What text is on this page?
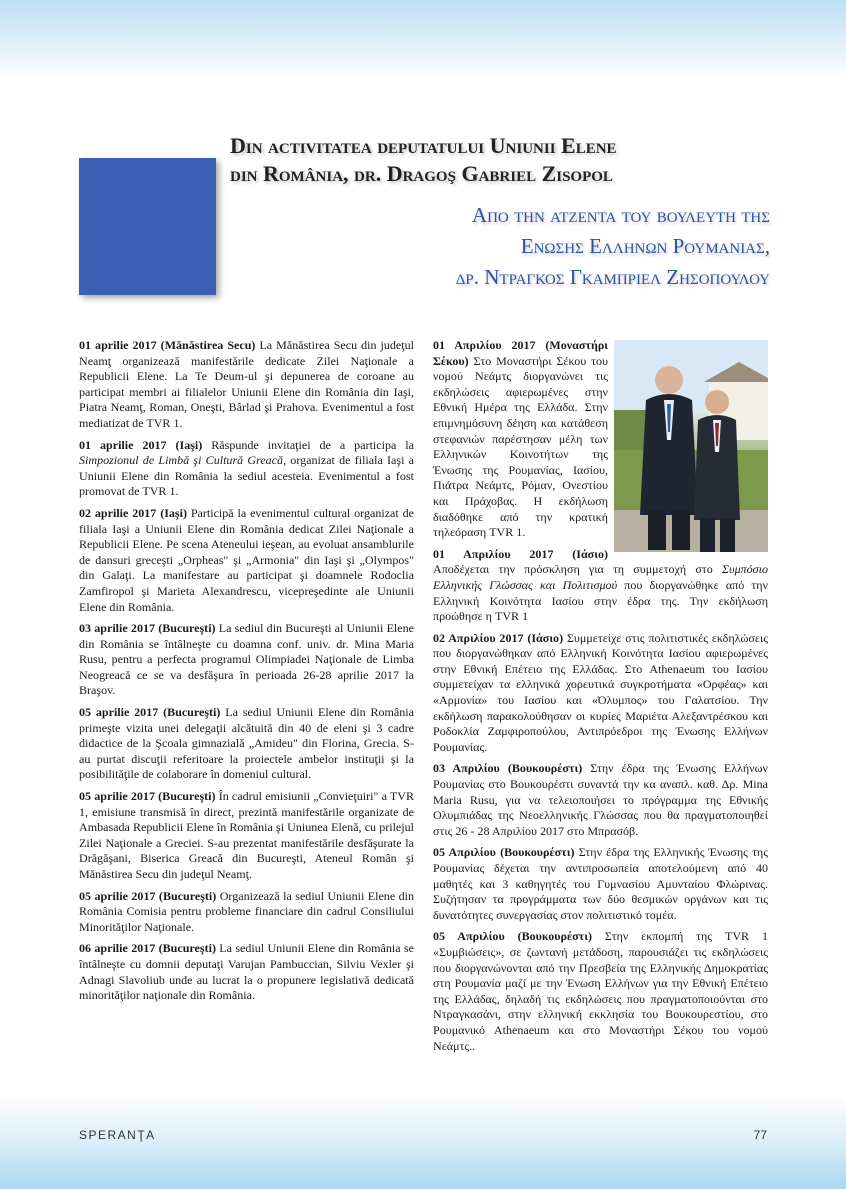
Din activitatea deputatului Uniunii Elene
din România, dr. Dragoş Gabriel Zisopol
Απο την ατζεντα του βουλευτη της
Ενωσης Ελληνων Ρουμανιας,
δρ. Ντραγκος Γκαμπριελ Ζησοπουλου

01 aprilie 2017 (Mănăstirea Secu) La Mănăstirea Secu din judeţul Neamţ organizează manifestările dedicate Zilei Naţionale a Republicii Elene. La Te Deum-ul şi depunerea de coroane au participat membri ai filialelor Uniunii Elene din România din Iaşi, Piatra Neamţ, Roman, Oneşti, Bârlad şi Prahova. Evenimentul a fost mediatizat de TVR 1.

01 aprilie 2017 (Iaşi) Răspunde invitaţiei de a participa la Simpozionul de Limbă şi Cultură Greacă, organizat de filiala Iaşi a Uniunii Elene din România la sediul acesteia. Evenimentul a fost promovat de TVR 1.

02 aprilie 2017 (Iaşi) Participă la evenimentul cultural organizat de filiala Iaşi a Uniunii Elene din România dedicat Zilei Naţionale a Republicii Elene. Pe scena Ateneului ieşean, au evoluat ansamblurile de dansuri greceşti „Orpheas" şi „Armonia" din Iaşi şi „Olympos" din Galaţi. La manifestare au participat şi doamnele Rodoclia Zamfiropol şi Marieta Alexandrescu, vicepreşedinte ale Uniunii Elene din România.

03 aprilie 2017 (Bucureşti) La sediul din Bucureşti al Uniunii Elene din România se întâlneşte cu doamna conf. univ. dr. Mina Maria Rusu, pentru a perfecta programul Olimpiadei Naţionale de Limba Neogreacă ce se va desfăşura în perioada 26-28 aprilie 2017 la Braşov.

05 aprilie 2017 (Bucureşti) La sediul Uniunii Elene din România primeşte vizita unei delegaţii alcătuită din 40 de eleni şi 3 cadre didactice de la Şcoala gimnazială „Amideu" din Florina, Grecia. S-au purtat discuţii referitoare la proiectele ambelor instituţii şi la posibilităţile de colaborare în domeniul cultural.

05 aprilie 2017 (Bucureşti) În cadrul emisiunii „Convieţuiri" a TVR 1, emisiune transmisă în direct, prezintă manifestările organizate de Ambasada Republicii Elene în România şi Uniunea Elenă, cu prilejul Zilei Naţionale a Greciei. S-au prezentat manifestările desfăşurate la Drăgăşani, Biserica Greacă din Bucureşti, Ateneul Român şi Mănăstirea Secu din judeţul Neamţ.

05 aprilie 2017 (Bucureşti) Organizează la sediul Uniunii Elene din România Comisia pentru probleme financiare din cadrul Consiliului Minorităţilor Naţionale.

06 aprilie 2017 (Bucureşti) La sediul Uniunii Elene din România se întâlneşte cu domnii deputaţi Varujan Pambuccian, Silviu Vexler şi Adnagi Slavoliub unde au lucrat la o propunere legislativă dedicată minorităţilor naţionale din România.

01 Απριλίου 2017 (Μοναστήρι Σέκου) Στο Μοναστήρι Σέκου του νομού Νεάμτς διοργανώνει τις εκδηλώσεις αφιερωμένες στην Εθνική Ημέρα της Ελλάδα. Στην επιμνημόσυνη δέηση και κατάθεση στεφανιών παρέστησαν μέλη των Ελληνικών Κοινοτήτων της Ένωσης της Ρουμανίας, Ιασίου, Πιάτρα Νεάμτς, Ρόμαν, Ονεστίου και Πράχοβας. Η εκδήλωση διαδόθηκε από την κρατική τηλεόραση TVR 1.

01 Απριλίου 2017 (Ιάσιο) Αποδέχεται την πρόσκληση για τη συμμετοχή στο Συμπόσιο Ελληνικής Γλώσσας και Πολιτισμού που διοργανώθηκε από την Ελληνική Κοινότητα Ιασίου στην έδρα της. Την εκδήλωση προώθησε η TVR 1

02 Απριλίου 2017 (Ιάσιο) Συμμετείχε στις πολιτιστικές εκδηλώσεις που διοργανώθηκαν από Ελληνική Κοινότητα Ιασίου αφιερωμένες στην Εθνική Επέτειο της Ελλάδας. Στο Athenaeum του Ιασίου συμμετείχαν τα ελληνικά χορευτικά συγκροτήματα «Ορφέας» και «Αρμονία» του Ιασίου και «Όλυμπος» του Γαλατσίου. Την εκδήλωση παρακολούθησαν οι κυρίες Μαριέτα Αλεξαντρέσκου και Ροδοκλία Ζαμφιροπούλου, Αντιπρόεδροι της Ένωσης Ελλήνων Ρουμανίας.

03 Απριλίου (Βουκουρέστι) Στην έδρα της Ένωσης Ελλήνων Ρουμανίας στο Βουκουρέστι συναντά την κα αναπλ. καθ. Δρ. Mina Maria Rusu, για να τελειοποιήσει το πρόγραμμα της Εθνικής Ολυμπιάδας της Νεοελληνικής Γλώσσας που θα πραγματοποιηθεί στις 26 - 28 Απριλίου 2017 στο Μπρασόβ.

05 Απριλίου (Βουκουρέστι) Στην έδρα της Ελληνικής Ένωσης της Ρουμανίας δέχεται την αντιπροσωπεία αποτελούμενη από 40 μαθητές και 3 καθηγητές του Γυμνασίου Αμυνταίου Φλώρινας. Συζήτησαν τα προγράμματα των δύο θεσμικών οργάνων και τις δυνατότητες συνεργασίας στον πολιτιστικό τομέα.

05 Απριλίου (Βουκουρέστι) Στην εκπομπή της TVR 1 «Συμβιώσεις», σε ζωντανή μετάδοση, παρουσιάζει τις εκδηλώσεις που διοργανώνονται από την Πρεσβεία της Ελληνικής Δημοκρατίας στη Ρουμανία μαζί με την Ένωση Ελλήνων για την Εθνική Επέτειο της Ελλάδας, δηλαδή τις εκδηλώσεις που πραγματοποιούνται στο Ντραγκασάνι, στην ελληνική εκκλησία του Βουκουρεστίου, στο Ρουμανικό Athenaeum και στο Μοναστήρι Σέκου του νομού Νεάμτς..

SPERANŢA	77
